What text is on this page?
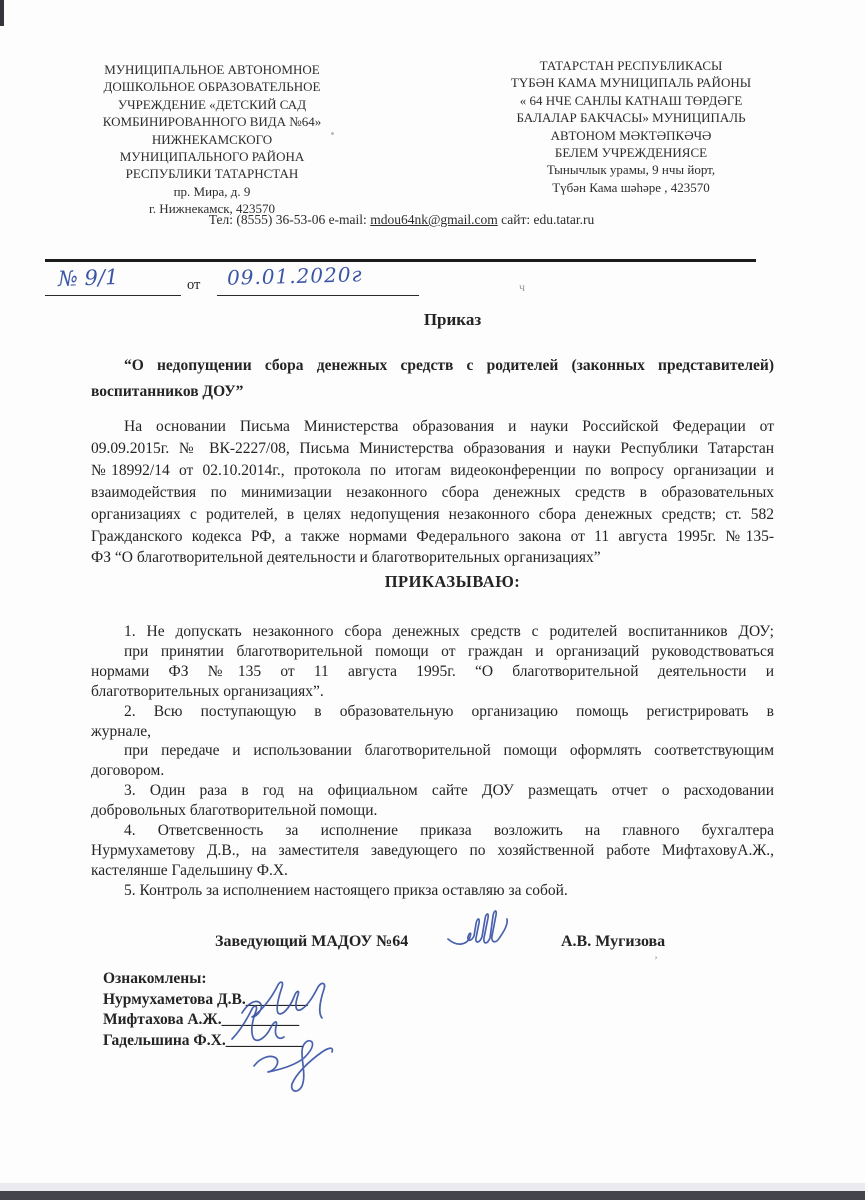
ч
’
МУНИЦИПАЛЬНОЕ АВТОНОМНОЕ
ДОШКОЛЬНОЕ ОБРАЗОВАТЕЛЬНОЕ
УЧРЕЖДЕНИЕ «ДЕТСКИЙ САД
КОМБИНИРОВАННОГО ВИДА №64»
НИЖНЕКАМСКОГО
МУНИЦИПАЛЬНОГО РАЙОНА
РЕСПУБЛИКИ ТАТАРНСТАН
пр. Мира, д. 9
г. Нижнекамск, 423570
ТАТАРСТАН РЕСПУБЛИКАСЫ
ТҮБӘН КАМА МУНИЦИПАЛЬ РАЙОНЫ
« 64 НЧЕ САНЛЫ КАТНАШ ТӨРДӘГЕ
БАЛАЛАР БАКЧАСЫ» МУНИЦИПАЛЬ
АВТОНОМ МӘКТӘПКӘЧӘ
БЕЛЕМ УЧРЕЖДЕНИЯСЕ
Тынычлык урамы, 9 нчы йорт,
Түбән Кама шәһәре , 423570
Тел: (8555) 36-53-06 e-mail: mdou64nk@gmail.com сайт: edu.tatar.ru
№ 9/1	от 09.01.2020г
Приказ
“О недопущении сбора денежных средств с родителей (законных представителей)
воспитанников ДОУ”
На основании Письма Министерства образования и науки Российской Федерации от
09.09.2015г. № ВК-2227/08, Письма Министерства образования и науки Республики Татарстан
№18992/14 от 02.10.2014г., протокола по итогам видеоконференции по вопросу организации и
взаимодействия по минимизации незаконного сбора денежных средств в образовательных
организациях с родителей, в целях недопущения незаконного сбора денежных средств; ст. 582
Гражданского кодекса РФ, а также нормами Федерального закона от 11 августа 1995г. №135-
ФЗ “О благотворительной деятельности и благотворительных организациях”
ПРИКАЗЫВАЮ:
1. Не допускать незаконного сбора денежных средств с родителей воспитанников ДОУ;
при принятии благотворительной помощи от граждан и организаций руководствоваться
нормами ФЗ №135 от 11 августа 1995г. “О благотворительной деятельности и
благотворительных организациях”.
2. Всю поступающую в образовательную организацию помощь регистрировать в
журнале,
при передаче и использовании благотворительной помощи оформлять соответствующим
договором.
3. Один раза в год на официальном сайте ДОУ размещать отчет о расходовании
добровольных благотворительной помощи.
4. Ответсвенность за исполнение приказа возложить на главного бухгалтера
Нурмухаметову Д.В., на заместителя заведующего по хозяйственной работе МифтаховуА.Ж.,
кастелянше Гадельшину Ф.Х.
5. Контроль за исполнением настоящего прикза оставляю за собой.
Заведующий МАДОУ №64	А.В. Мугизова
Ознакомлены:
Нурмухаметова Д.В.________
Мифтахова А.Ж.__________
Гадельшина Ф.Х.__________
